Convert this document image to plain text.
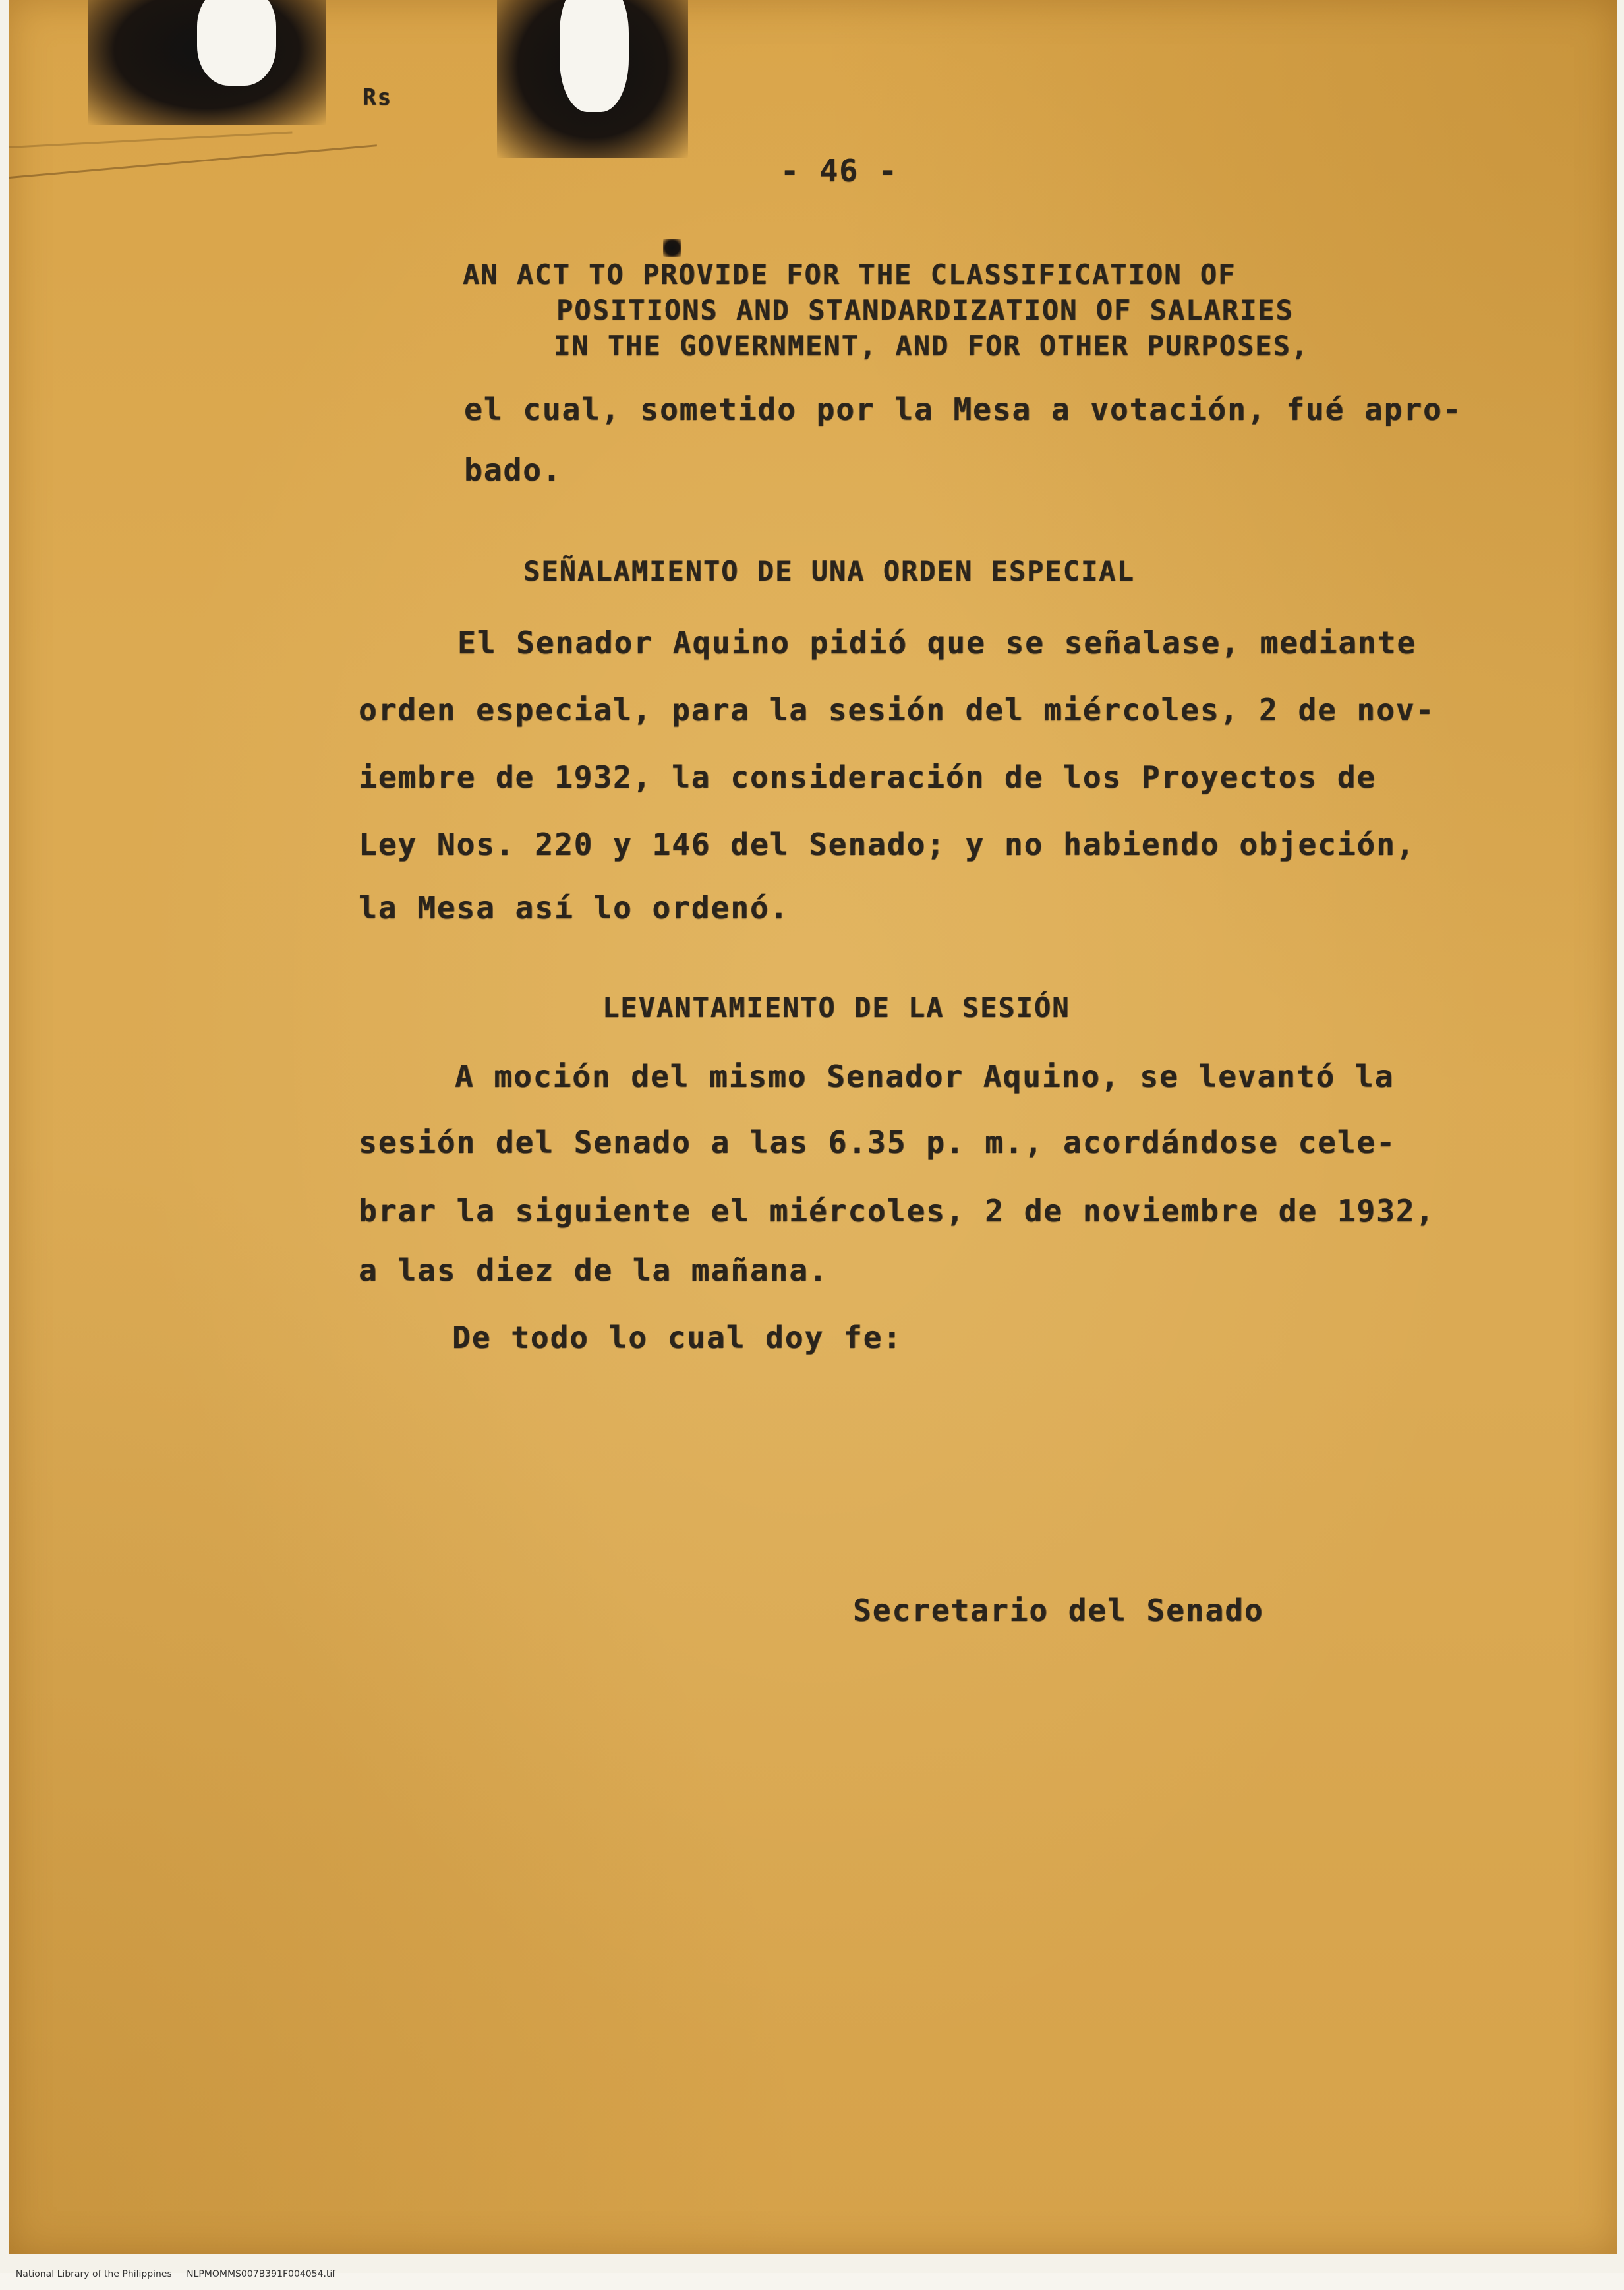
Rs
- 46 -
AN ACT TO PROVIDE FOR THE CLASSIFICATION OF
POSITIONS AND STANDARDIZATION OF SALARIES
IN THE GOVERNMENT, AND FOR OTHER PURPOSES,
el cual, sometido por la Mesa a votación, fué apro-
bado.
SEÑALAMIENTO DE UNA ORDEN ESPECIAL
El Senador Aquino pidió que se señalase, mediante
orden especial, para la sesión del miércoles, 2 de nov-
iembre de 1932, la consideración de los Proyectos de
Ley Nos. 220 y 146 del Senado; y no habiendo objeción,
la Mesa así lo ordenó.
LEVANTAMIENTO DE LA SESIÓN
A moción del mismo Senador Aquino, se levantó la
sesión del Senado a las 6.35 p. m., acordándose cele-
brar la siguiente el miércoles, 2 de noviembre de 1932,
a las diez de la mañana.
De todo lo cual doy fe:
Secretario del Senado

National Library of the Philippines NLPMOMMS007B391F004054.tif
